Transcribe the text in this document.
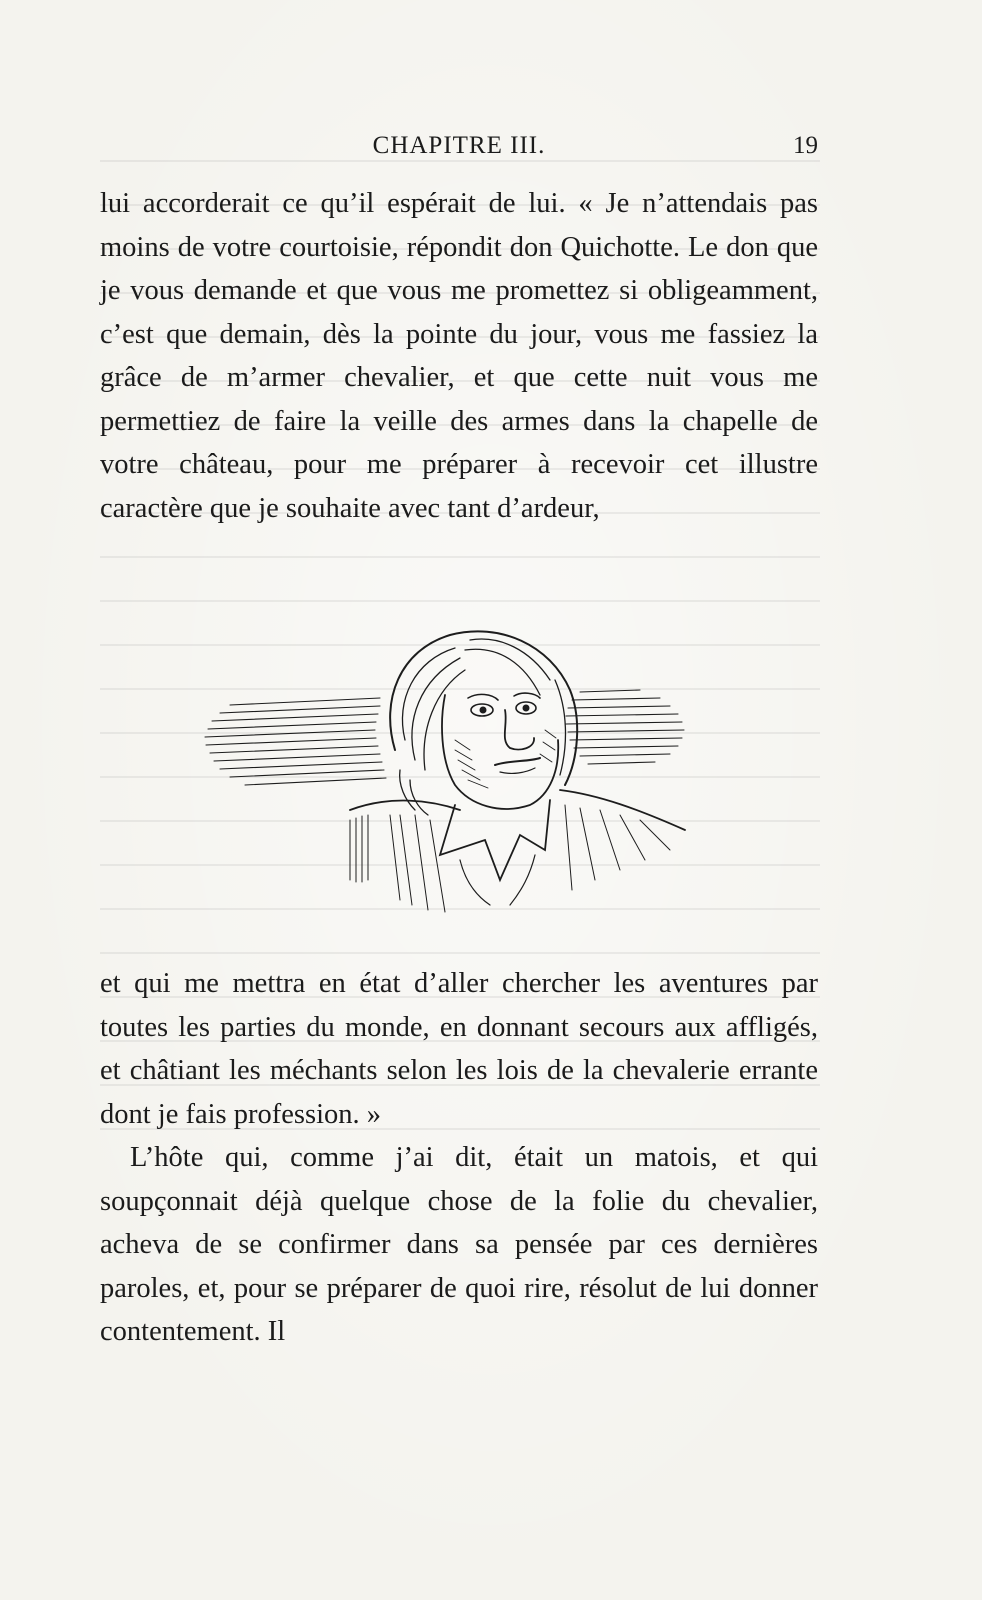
CHAPITRE III.	19

lui accorderait ce qu’il espérait de lui. « Je n’attendais pas moins de votre courtoisie, répondit don Quichotte. Le don que je vous demande et que vous me promettez si obligeamment, c’est que demain, dès la pointe du jour, vous me fassiez la grâce de m’armer chevalier, et que cette nuit vous me permettiez de faire la veille des armes dans la chapelle de votre château, pour me préparer à recevoir cet illustre caractère que je souhaite avec tant d’ardeur,

et qui me mettra en état d’aller chercher les aventures par toutes les parties du monde, en donnant secours aux affligés, et châtiant les méchants selon les lois de la chevalerie errante dont je fais profession. »

L’hôte qui, comme j’ai dit, était un matois, et qui soupçonnait déjà quelque chose de la folie du chevalier, acheva de se confirmer dans sa pensée par ces dernières paroles, et, pour se préparer de quoi rire, résolut de lui donner contentement. Il
